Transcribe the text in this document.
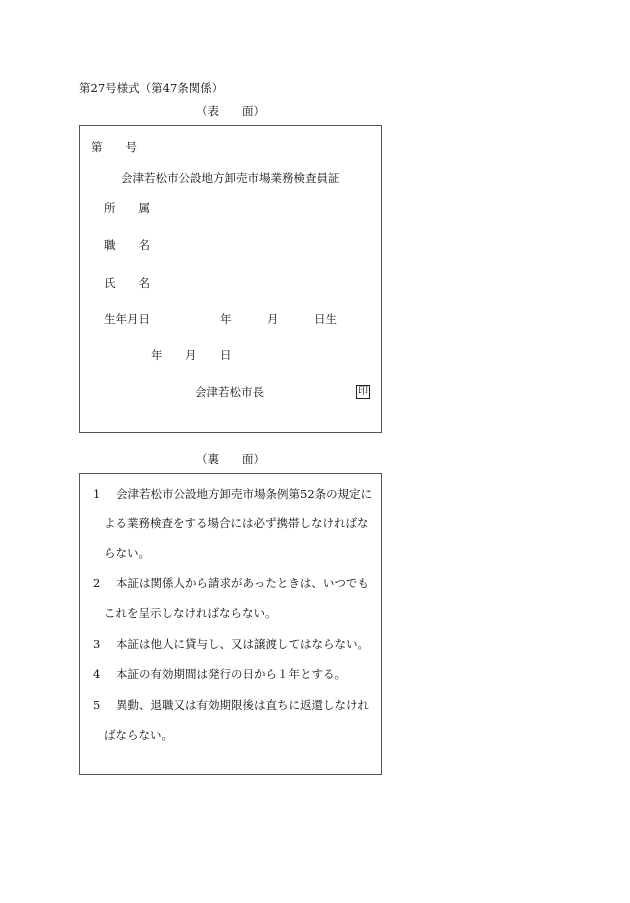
第27号様式（第47条関係）
（表　　面）
第　　号
会津若松市公設地方卸売市場業務検査員証
所　　属
職　　名
氏　　名
生年月日	年	月	日生
年 月 日
会津若松市長	印
（裏　　面）
1 会津若松市公設地方卸売市場条例第52条の規定に
よる業務検査をする場合には必ず携帯しなければな
らない。
2 本証は関係人から請求があったときは、いつでも
これを呈示しなければならない。
3 本証は他人に貸与し、又は譲渡してはならない。
4 本証の有効期間は発行の日から１年とする。
5 異動、退職又は有効期限後は直ちに返還しなけれ
ばならない。
